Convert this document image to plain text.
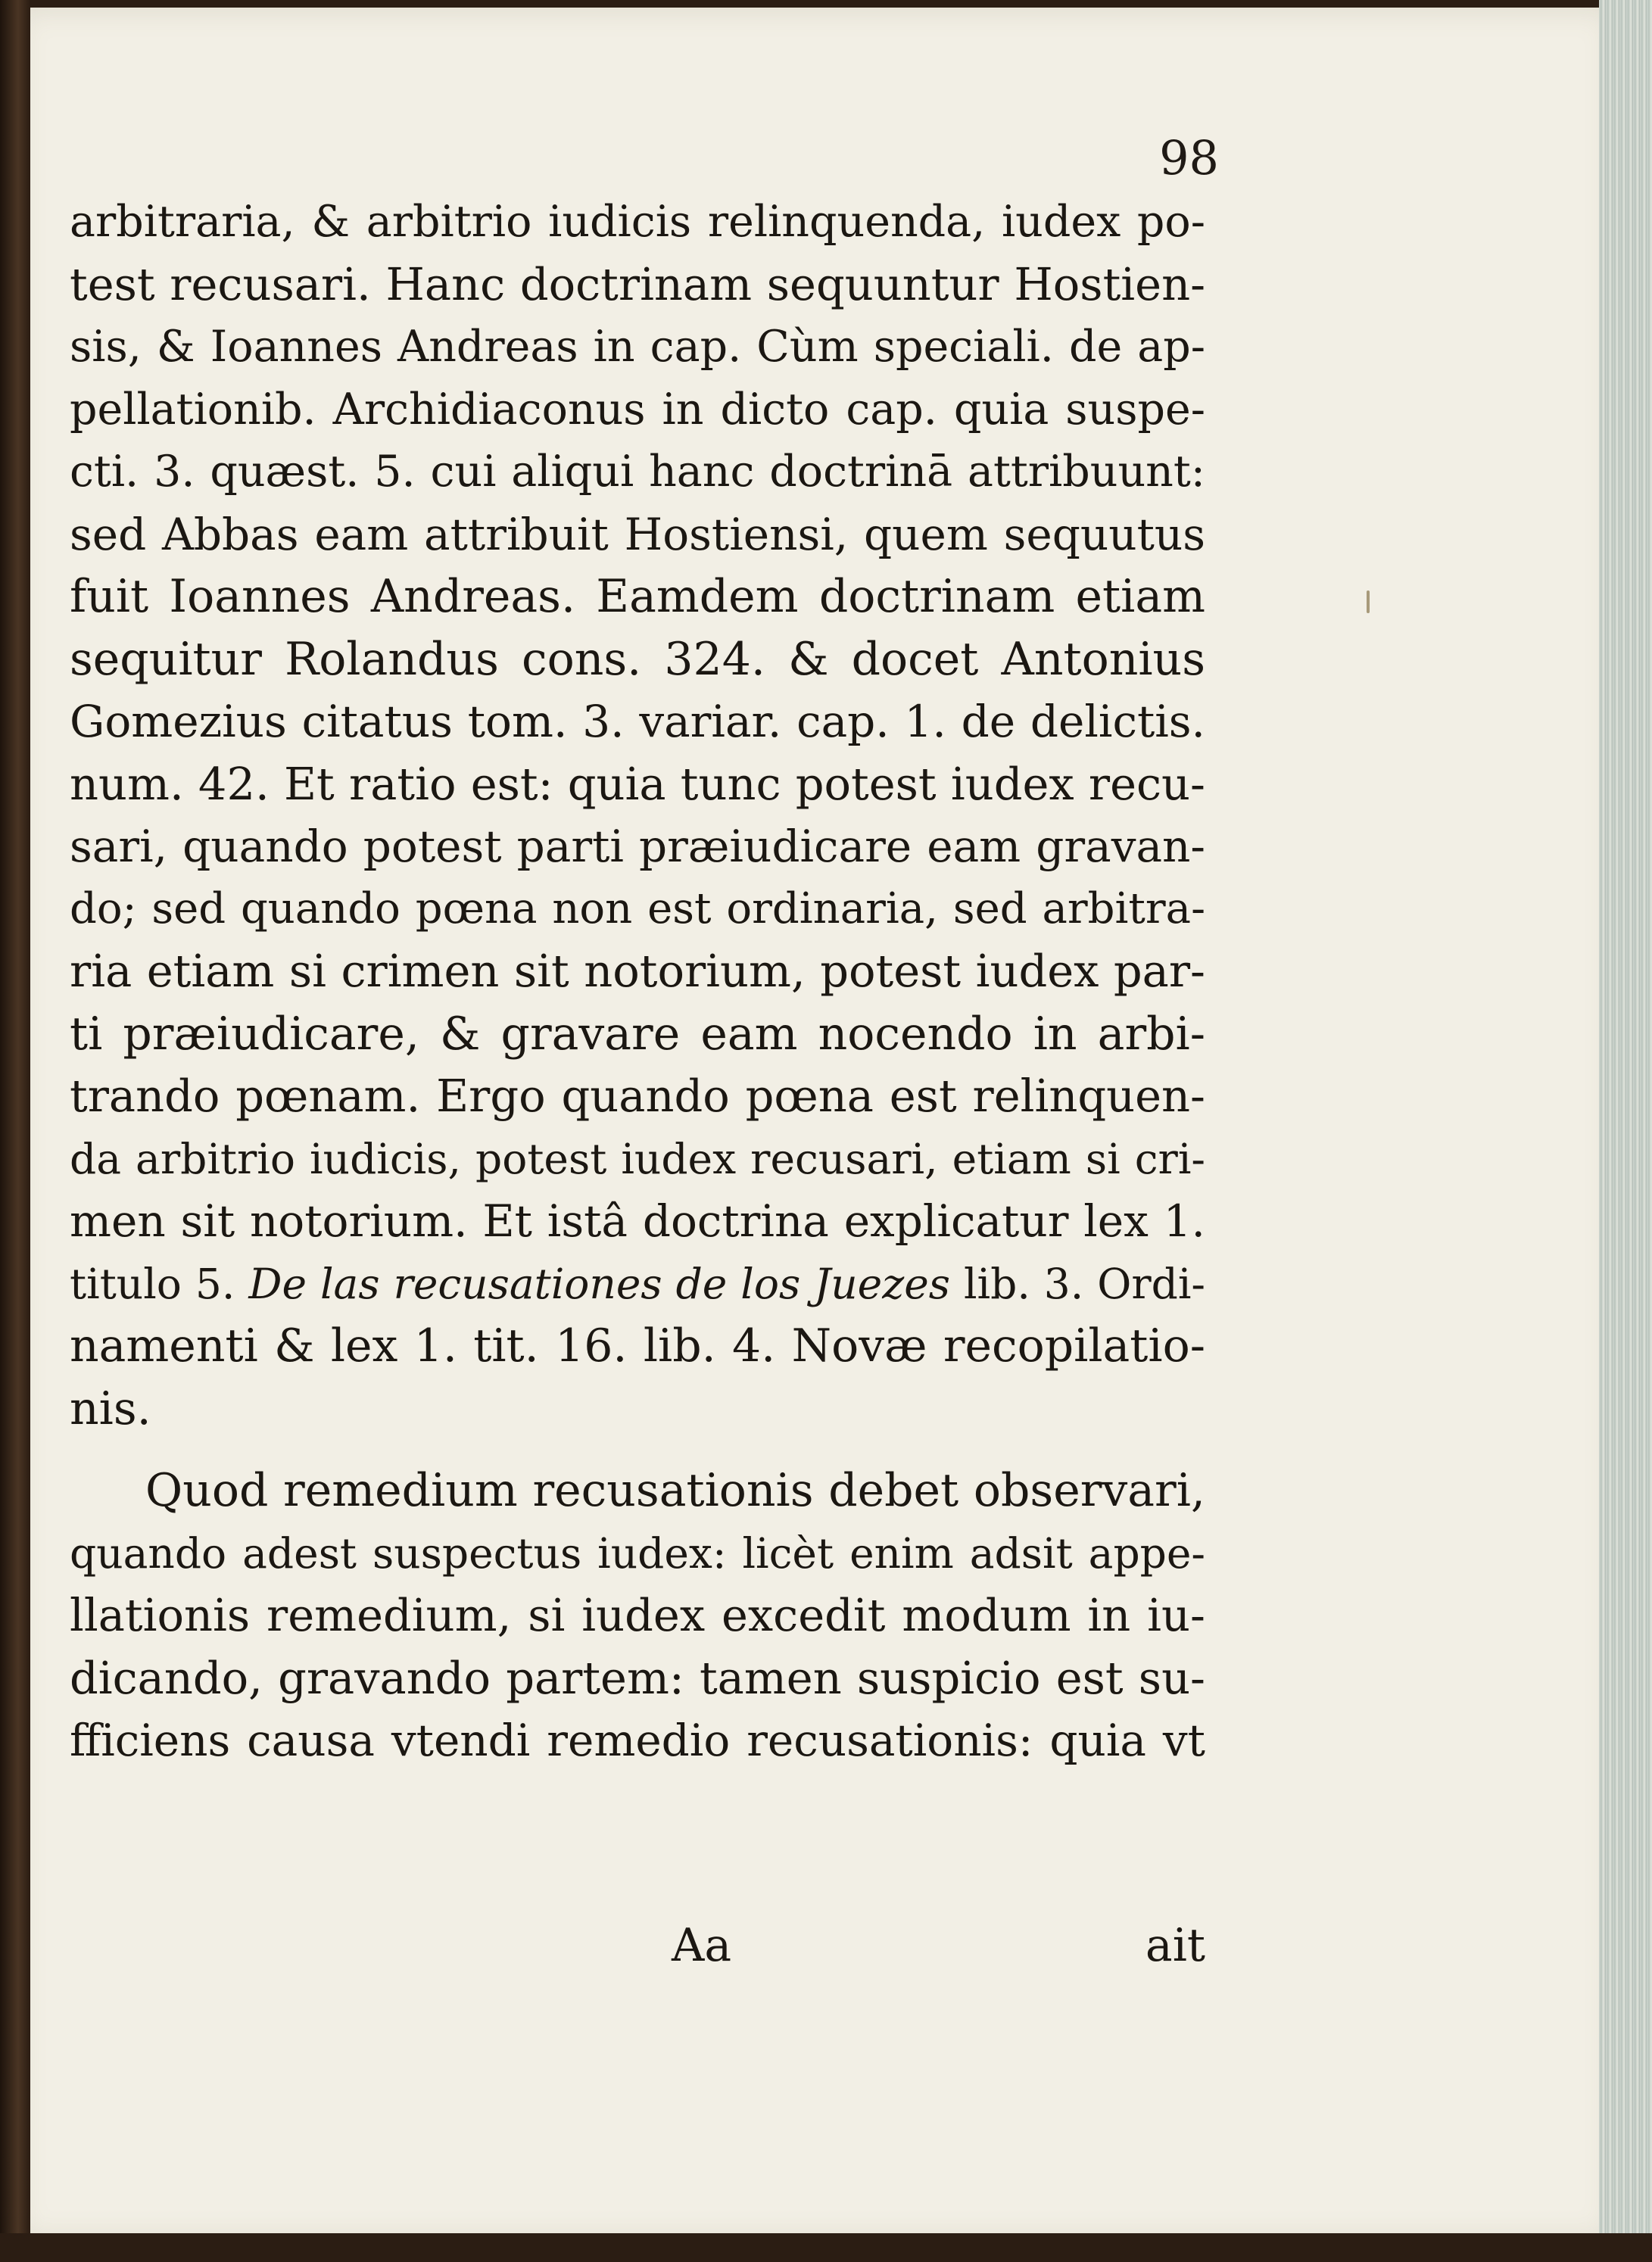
98
arbitraria, & arbitrio iudicis relinquenda, iudex po-
test recusari. Hanc doctrinam sequuntur Hostien-
sis, & Ioannes Andreas in cap. Cùm speciali. de ap-
pellationib. Archidiaconus in dicto cap. quia suspe-
cti. 3. quæst. 5. cui aliqui hanc doctrinā attribuunt:
sed Abbas eam attribuit Hostiensi, quem sequutus
fuit Ioannes Andreas. Eamdem doctrinam etiam
sequitur Rolandus cons. 324. & docet Antonius
Gomezius citatus tom. 3. variar. cap. 1. de delictis.
num. 42. Et ratio est: quia tunc potest iudex recu-
sari, quando potest parti præiudicare eam gravan-
do; sed quando pœna non est ordinaria, sed arbitra-
ria etiam si crimen sit notorium, potest iudex par-
ti præiudicare, & gravare eam nocendo in arbi-
trando pœnam. Ergo quando pœna est relinquen-
da arbitrio iudicis, potest iudex recusari, etiam si cri-
men sit notorium. Et istâ doctrina explicatur lex 1.
titulo 5. De las recusationes de los Juezes lib. 3. Ordi-
namenti & lex 1. tit. 16. lib. 4. Novæ recopilatio-
nis.
Quod remedium recusationis debet observari,
quando adest suspectus iudex: licèt enim adsit appe-
llationis remedium, si iudex excedit modum in iu-
dicando, gravando partem: tamen suspicio est su-
fficiens causa vtendi remedio recusationis: quia vt
Aa	ait
